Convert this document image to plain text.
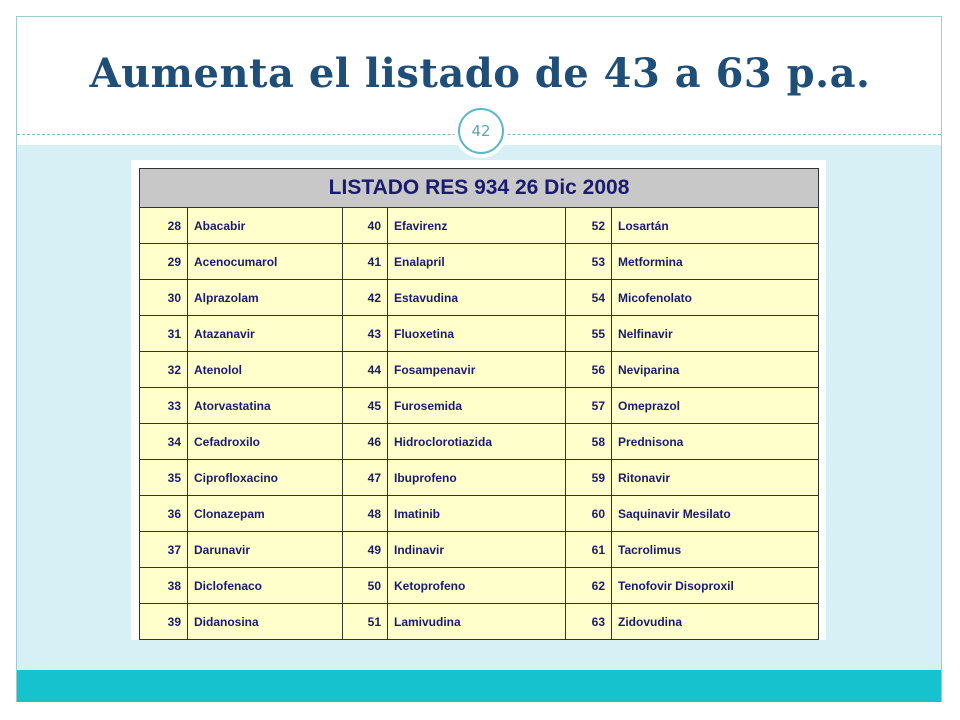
Aumenta el listado de 43 a 63 p.a.
42
LISTADO RES 934 26 Dic 2008					
28	Abacabir	40	Efavirenz	52	Losartán
29	Acenocumarol	41	Enalapril	53	Metformina
30	Alprazolam	42	Estavudina	54	Micofenolato
31	Atazanavir	43	Fluoxetina	55	Nelfinavir
32	Atenolol	44	Fosampenavir	56	Neviparina
33	Atorvastatina	45	Furosemida	57	Omeprazol
34	Cefadroxilo	46	Hidroclorotiazida	58	Prednisona
35	Ciprofloxacino	47	Ibuprofeno	59	Ritonavir
36	Clonazepam	48	Imatinib	60	Saquinavir Mesilato
37	Darunavir	49	Indinavir	61	Tacrolimus
38	Diclofenaco	50	Ketoprofeno	62	Tenofovir Disoproxil
39	Didanosina	51	Lamivudina	63	Zidovudina
